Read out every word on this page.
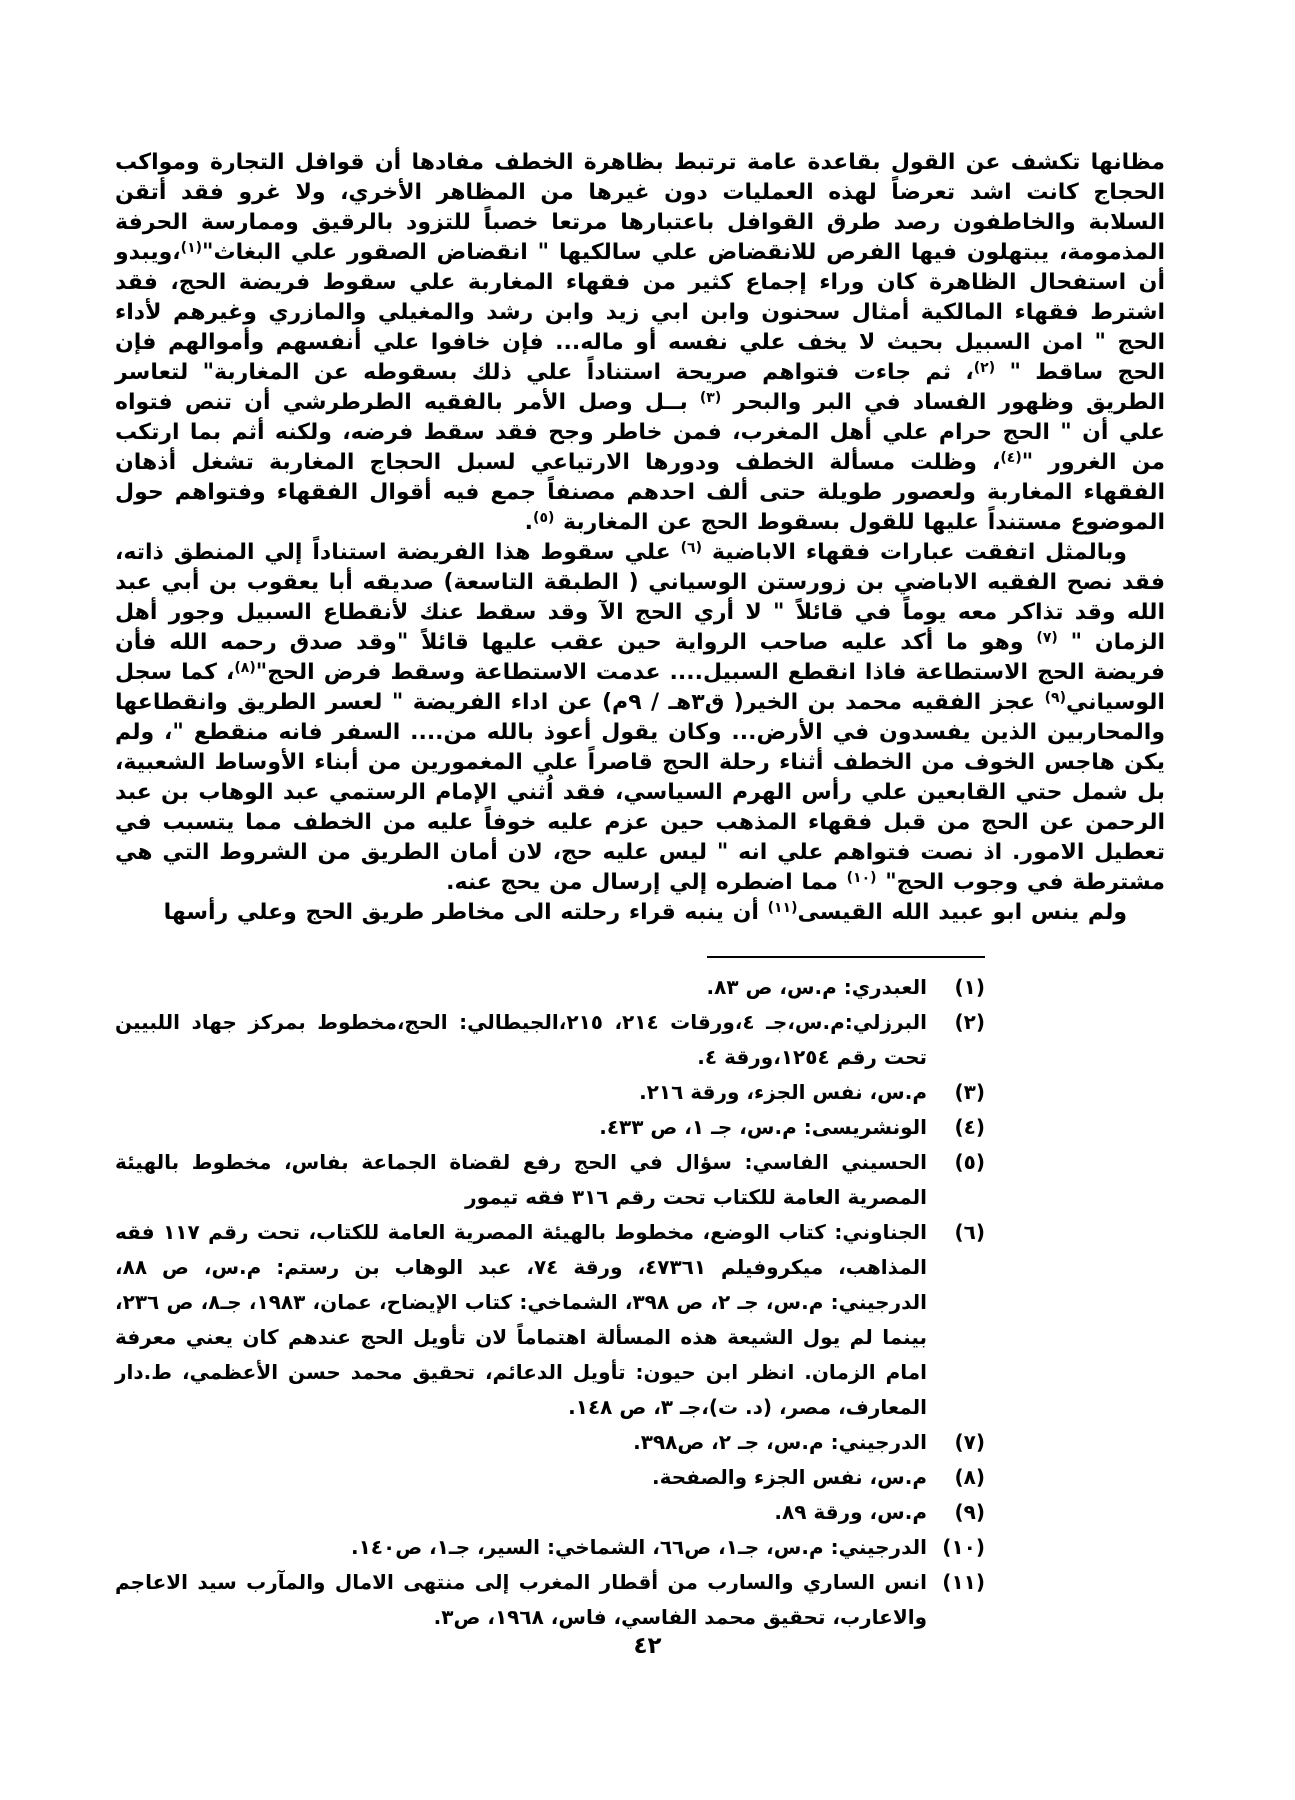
مظانها تكشف عن القول بقاعدة عامة ترتبط بظاهرة الخطف مفادها أن قوافل التجارة ومواكب الحجاج كانت اشد تعرضاً لهذه العمليات دون غيرها من المظاهر الأخري، ولا غرو فقد أتقن السلابة والخاطفون رصد طرق القوافل باعتبارها مرتعا خصباً للتزود بالرقيق وممارسة الحرفة المذمومة، يبتهلون فيها الفرص للانقضاض علي سالكيها " انقضاض الصقور علي البغاث"$^{(١)}$،ويبدو أن استفحال الظاهرة كان وراء إجماع كثير من فقهاء المغاربة علي سقوط فريضة الحج، فقد اشترط فقهاء المالكية أمثال سحنون وابن ابي زيد وابن رشد والمغيلي والمازري وغيرهم لأداء الحج " امن السبيل بحيث لا يخف علي نفسه أو ماله... فإن خافوا علي أنفسهم وأموالهم فإن الحج ساقط " $^{(٢)}$، ثم جاءت فتواهم صريحة استناداً علي ذلك بسقوطه عن المغاربة" لتعاسر الطريق وظهور الفساد في البر والبحر $^{(٣)}$ بــل وصل الأمر بالفقيه الطرطرشي أن تنص فتواه علي أن " الحج حرام علي أهل المغرب، فمن خاطر وجح فقد سقط فرضه، ولكنه أثم بما ارتكب من الغرور "$^{(٤)}$، وظلت مسألة الخطف ودورها الارتياعي لسبل الحجاج المغاربة تشغل أذهان الفقهاء المغاربة ولعصور طويلة حتى ألف احدهم مصنفاً جمع فيه أقوال الفقهاء وفتواهم حول الموضوع مستنداً عليها للقول بسقوط الحج عن المغاربة $^{(٥)}$.

وبالمثل اتفقت عبارات فقهاء الاباضية $^{(٦)}$ علي سقوط هذا الفريضة استناداً إلي المنطق ذاته، فقد نصح الفقيه الاباضي بن زورستن الوسياني ( الطبقة التاسعة) صديقه أبا يعقوب بن أبي عبد الله وقد تذاكر معه يوماً في قائلاً " لا أري الحج الآ وقد سقط عنك لأنقطاع السبيل وجور أهل الزمان " $^{(٧)}$ وهو ما أكد عليه صاحب الرواية حين عقب عليها قائلاً "وقد صدق رحمه الله فأن فريضة الحج الاستطاعة فاذا انقطع السبيل.... عدمت الاستطاعة وسقط فرض الحج"$^{(٨)}$، كما سجل الوسياني$^{(٩)}$ عجز الفقيه محمد بن الخير( ق٣هـ / ٩م) عن اداء الفريضة " لعسر الطريق وانقطاعها والمحاربين الذين يفسدون في الأرض... وكان يقول أعوذ بالله من.... السفر فانه منقطع "، ولم يكن هاجس الخوف من الخطف أثناء رحلة الحج قاصراً علي المغمورين من أبناء الأوساط الشعبية، بل شمل حتي القابعين علي رأس الهرم السياسي، فقد اُثني الإمام الرستمي عبد الوهاب بن عبد الرحمن عن الحج من قبل فقهاء المذهب حين عزم عليه خوفاً عليه من الخطف مما يتسبب في تعطيل الامور. اذ نصت فتواهم علي انه " ليس عليه حج، لان أمان الطريق من الشروط التي هي مشترطة في وجوب الحج" $^{(١٠)}$ مما اضطره إلي إرسال من يحج عنه.

ولم ينس ابو عبيد الله القيسى$^{(١١)}$ أن ينبه قراء رحلته الى مخاطر طريق الحج وعلي رأسها

(١)
العبدري: م.س، ص ٨٣.
(٢)
البرزلي:م.س،جـ ٤،ورقات ٢١٤، ٢١٥،الجيطالي: الحج،مخطوط بمركز جهاد اللبيين تحت رقم ١٢٥٤،ورقة ٤.
(٣)
م.س، نفس الجزء، ورقة ٢١٦.
(٤)
الونشريسى: م.س، جـ ١، ص ٤٣٣.
(٥)
الحسيني الفاسي: سؤال في الحج رفع لقضاة الجماعة بفاس، مخطوط بالهيئة المصرية العامة للكتاب تحت رقم ٣١٦ فقه تيمور
(٦)
الجناوني: كتاب الوضع، مخطوط بالهيئة المصرية العامة للكتاب، تحت رقم ١١٧ فقه المذاهب، ميكروفيلم ٤٧٣٦١، ورقة ٧٤، عبد الوهاب بن رستم: م.س، ص ٨٨، الدرجيني: م.س، جـ ٢، ص ٣٩٨، الشماخي: كتاب الإيضاح، عمان، ١٩٨٣، جـ٨، ص ٢٣٦، بينما لم يول الشيعة هذه المسألة اهتماماً لان تأويل الحج عندهم كان يعني معرفة امام الزمان. انظر ابن حيون: تأويل الدعائم، تحقيق محمد حسن الأعظمي، ط.دار المعارف، مصر، (د. ت)،جـ ٣، ص ١٤٨.
(٧)
الدرجيني: م.س، جـ ٢، ص٣٩٨.
(٨)
م.س، نفس الجزء والصفحة.
(٩)
م.س، ورقة ٨٩.
(١٠)
الدرجيني: م.س، جـ١، ص٦٦، الشماخي: السير، جـ١، ص١٤٠.
(١١)
انس الساري والسارب من أقطار المغرب إلى منتهى الامال والمآرب سيد الاعاجم والاعارب، تحقيق محمد الفاسي، فاس، ١٩٦٨، ص٣.
٤٢
